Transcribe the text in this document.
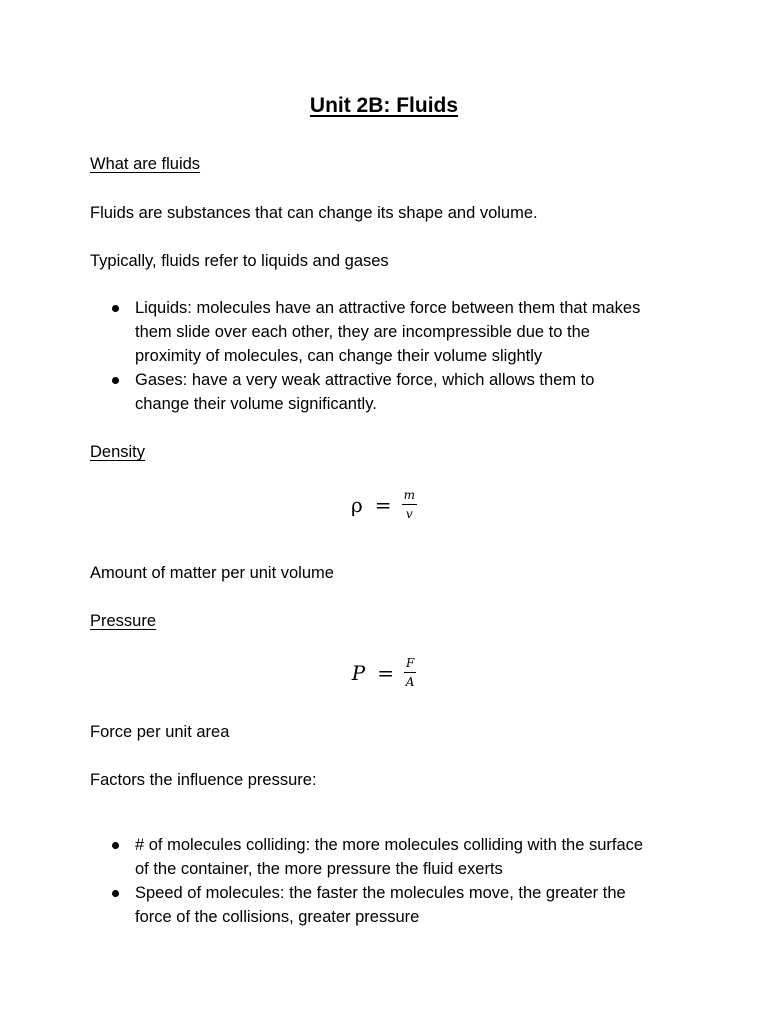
Unit 2B: Fluids

What are fluids

Fluids are substances that can change its shape and volume.

Typically, fluids refer to liquids and gases

Liquids: molecules have an attractive force between them that makes
them slide over each other, they are incompressible due to the
proximity of molecules, can change their volume slightly
Gases: have a very weak attractive force, which allows them to
change their volume significantly.

Density

$\rho = \frac{m}{v}$

Amount of matter per unit volume

Pressure

$P = \frac{F}{A}$

Force per unit area

Factors the influence pressure:

# of molecules colliding: the more molecules colliding with the surface
of the container, the more pressure the fluid exerts
Speed of molecules: the faster the molecules move, the greater the
force of the collisions, greater pressure
